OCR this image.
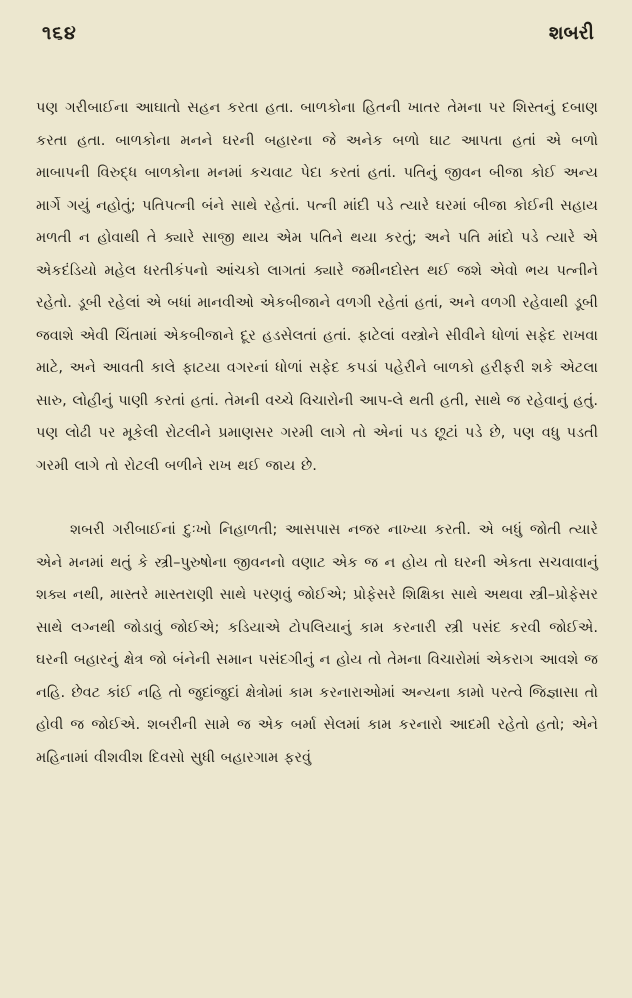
૧૬૪	શબરી

પણ ગરીબાઈના આઘાતો સહન કરતા હતા. બાળકોના હિતની ખાતર તેમના પર શિસ્તનું દબાણ કરતા હતા. બાળકોના મનને ઘરની બહારના જે અનેક બળો ઘાટ આપતા હતાં એ બળો માબાપની વિરુદ્ધ બાળકોના મનમાં કચવાટ પેદા કરતાં હતાં. પતિનું જીવન બીજા કોઈ અન્ય માર્ગે ગયું નહોતું; પતિપત્ની બંને સાથે રહેતાં. પત્ની માંદી પડે ત્યારે ઘરમાં બીજા કોઈની સહાય મળતી ન હોવાથી તે ક્યારે સાજી થાય એમ પતિને થયા કરતું; અને પતિ માંદો પડે ત્યારે એ એકદંડિયો મહેલ ધરતીકંપનો આંચકો લાગતાં ક્યારે જમીનદોસ્ત થઈ જશે એવો ભય પત્નીને રહેતો. ડૂબી રહેલાં એ બધાં માનવીઓ એકબીજાને વળગી રહેતાં હતાં, અને વળગી રહેવાથી ડૂબી જવાશે એવી ચિંતામાં એકબીજાને દૂર હડસેલતાં હતાં. ફાટેલાં વસ્ત્રોને સીવીને ધોળાં સફેદ રાખવા માટે, અને આવતી કાલે ફાટયા વગરનાં ધોળાં સફેદ કપડાં પહેરીને બાળકો હરીફરી શકે એટલા સારુ, લોહીનું પાણી કરતાં હતાં. તેમની વચ્ચે વિચારોની આપ-લે થતી હતી, સાથે જ રહેવાનું હતું. પણ લોઢી પર મૂકેલી રોટલીને પ્રમાણસર ગરમી લાગે તો એનાં પડ છૂટાં પડે છે, પણ વધુ પડતી ગરમી લાગે તો રોટલી બળીને રાખ થઈ જાય છે.

શબરી ગરીબાઈનાં દુઃખો નિહાળતી; આસપાસ નજર નાખ્યા કરતી. એ બધું જોતી ત્યારે એને મનમાં થતું કે સ્ત્રી–પુરુષોના જીવનનો વણાટ એક જ ન હોય તો ઘરની એકતા સચવાવાનું શક્ય નથી, માસ્તરે માસ્તરાણી સાથે પરણવું જોઈએ; પ્રોફેસરે શિક્ષિકા સાથે અથવા સ્ત્રી–પ્રોફેસર સાથે લગ્નથી જોડાવું જોઈએ; કડિયાએ ટોપલિયાનું કામ કરનારી સ્ત્રી પસંદ કરવી જોઈએ. ઘરની બહારનું ક્ષેત્ર જો બંનેની સમાન પસંદગીનું ન હોય તો તેમના વિચારોમાં એકરાગ આવશે જ નહિ. છેવટ કાંઈ નહિ તો જુદાંજુદાં ક્ષેત્રોમાં કામ કરનારાઓમાં અન્યના કામો પરત્વે જિજ્ઞાસા તો હોવી જ જોઈએ. શબરીની સામે જ એક બર્મા સેલમાં કામ કરનારો આદમી રહેતો હતો; એને મહિનામાં વીશવીશ દિવસો સુધી બહારગામ ફરવું
